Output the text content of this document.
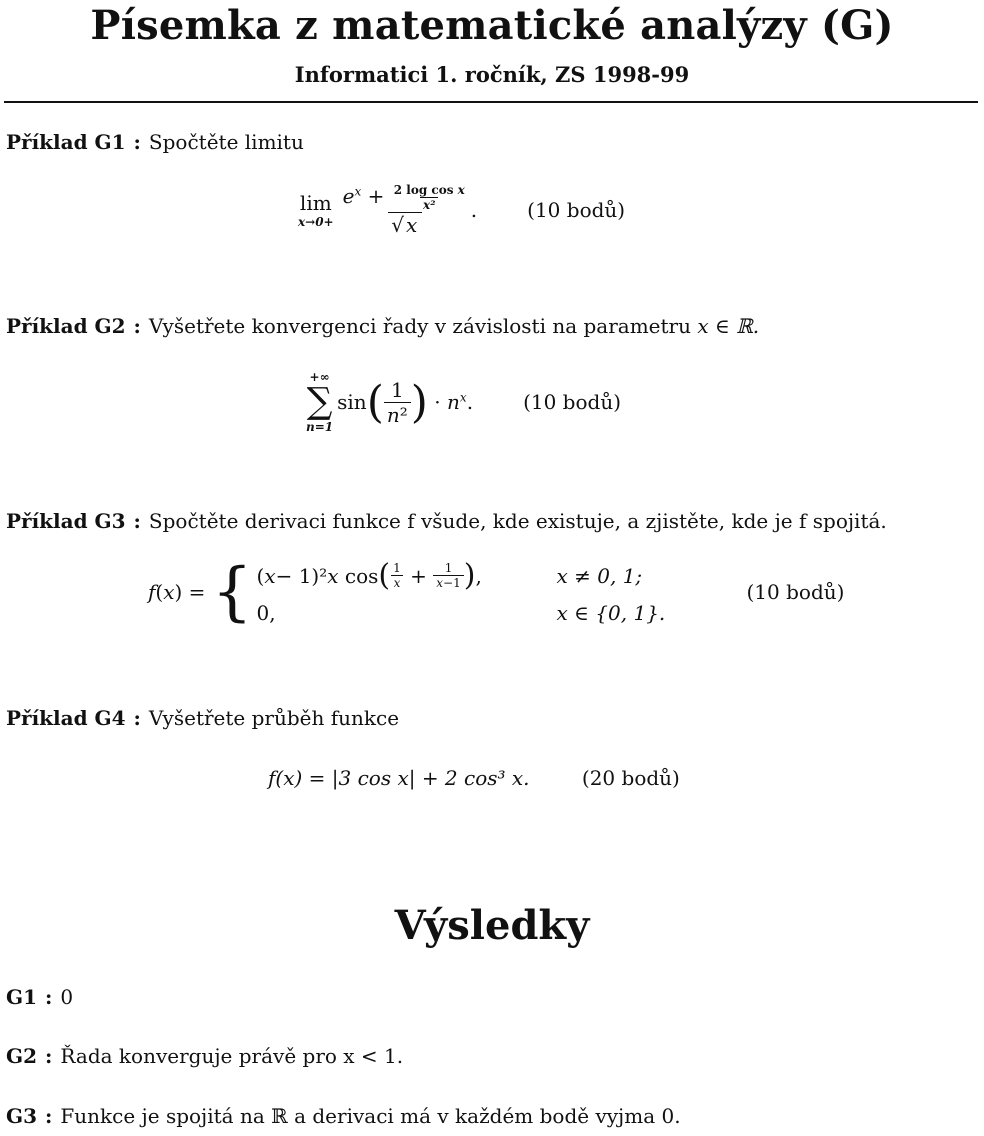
Písemka z matematické analýzy (G)
Informatici 1. ročník, ZS 1998-99
Příklad G1 : Spočtěte limitu
lim
$x\to 0+ \frac{e^x + \frac{\text{2 log cos x}}{\text{x²}}}{√ x}$ .	(10 bodů)
Příklad G2 : Vyšetřete konvergenci řady v závislosti na parametru x ∈ ℝ.
+∞
∑
n=1
sin ( $\frac{1}{\text{n²}}$ ) · $n^x$.	(10 bodů)
Příklad G3 : Spočtěte derivaci funkce f všude, kde existuje, a zjistěte, kde je f spojitá.
f ( x ) = { ( x − 1)² x cos ( $\frac{1}{x} + \frac{1}{x-1}$ ) ,	x ≠ 0, 1;
0,	x ∈ {0, 1}.
(10 bodů)
Příklad G4 : Vyšetřete průběh funkce
f(x) = |3 cos x| + 2 cos³ x.	(20 bodů)
Výsledky
G1 : 0
G2 : Řada konverguje právě pro x < 1.
G3 : Funkce je spojitá na ℝ a derivaci má v každém bodě vyjma 0.
